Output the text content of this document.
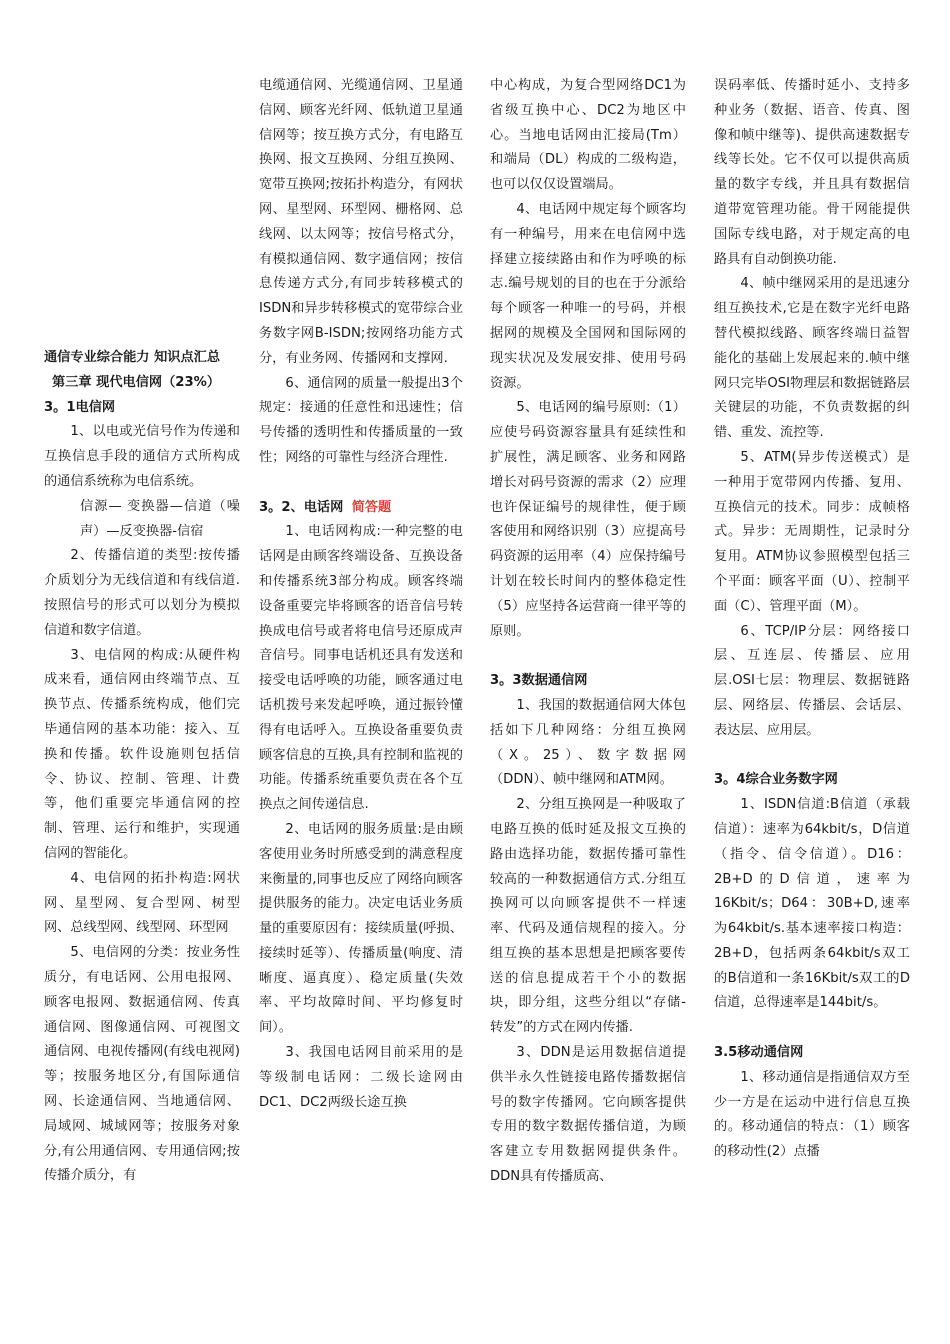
通信专业综合能力 知识点汇总

第三章 现代电信网（23%）

3。1电信网

1、以电或光信号作为传递和互换信息手段的通信方式所构成的通信系统称为电信系统。

信源— 变换器—信道（噪声）—反变换器-信宿

2、传播信道的类型:按传播介质划分为无线信道和有线信道.按照信号的形式可以划分为模拟信道和数字信道。

3、电信网的构成:从硬件构成来看，通信网由终端节点、互换节点、传播系统构成，他们完毕通信网的基本功能：接入、互换和传播。软件设施则包括信令、协议、控制、管理、计费等，他们重要完毕通信网的控制、管理、运行和维护，实现通信网的智能化。

4、电信网的拓扑构造:网状网、星型网、复合型网、树型网、总线型网、线型网、环型网

5、电信网的分类：按业务性质分，有电话网、公用电报网、顾客电报网、数据通信网、传真通信网、图像通信网、可视图文通信网、电视传播网(有线电视网)等；按服务地区分,有国际通信网、长途通信网、当地通信网、局域网、城域网等；按服务对象分,有公用通信网、专用通信网;按传播介质分，有

电缆通信网、光缆通信网、卫星通信网、顾客光纤网、低轨道卫星通信网等；按互换方式分，有电路互换网、报文互换网、分组互换网、宽带互换网;按拓扑构造分，有网状网、星型网、环型网、栅格网、总线网、以太网等；按信号格式分，有模拟通信网、数字通信网；按信息传递方式分,有同步转移模式的ISDN和异步转移模式的宽带综合业务数字网B-ISDN;按网络功能方式分，有业务网、传播网和支撑网.

6、通信网的质量一般提出3个规定：接通的任意性和迅速性；信号传播的透明性和传播质量的一致性；网络的可靠性与经济合理性.

3。2、电话网 简答题

1、电话网构成:一种完整的电话网是由顾客终端设备、互换设备和传播系统3部分构成。顾客终端设备重要完毕将顾客的语音信号转换成电信号或者将电信号还原成声音信号。同事电话机还具有发送和接受电话呼唤的功能，顾客通过电话机拨号来发起呼唤，通过振铃懂得有电话呼入。互换设备重要负责顾客信息的互换,具有控制和监视的功能。传播系统重要负责在各个互换点之间传递信息.

2、电话网的服务质量:是由顾客使用业务时所感受到的满意程度来衡量的,同事也反应了网络向顾客提供服务的能力。决定电话业务质量的重要原因有：接续质量(呼损、接续时延等）、传播质量(响度、清晰度、逼真度）、稳定质量(失效率、平均故障时间、平均修复时间）。

3、我国电话网目前采用的是等级制电话网：二级长途网由DC1、DC2两级长途互换

中心构成，为复合型网络DC1为省级互换中心、DC2为地区中心。当地电话网由汇接局(Tm）和端局（DL）构成的二级构造，也可以仅仅设置端局。

4、电话网中规定每个顾客均有一种编号，用来在电信网中选择建立接续路由和作为呼唤的标志.编号规划的目的也在于分派给每个顾客一种唯一的号码，并根据网的规模及全国网和国际网的现实状况及发展安排、使用号码资源。

5、电话网的编号原则:（1）应使号码资源容量具有延续性和扩展性，满足顾客、业务和网路增长对码号资源的需求（2）应理也许保证编号的规律性，便于顾客使用和网络识别（3）应提高号码资源的运用率（4）应保持编号计划在较长时间内的整体稳定性（5）应坚持各运营商一律平等的原则。

3。3数据通信网

1、我国的数据通信网大体包括如下几种网络：分组互换网（X。25）、数字数据网（DDN）、帧中继网和ATM网。

2、分组互换网是一种吸取了电路互换的低时延及报文互换的路由选择功能，数据传播可靠性较高的一种数据通信方式.分组互换网可以向顾客提供不一样速率、代码及通信规程的接入。分组互换的基本思想是把顾客要传送的信息提成若干个小的数据块，即分组，这些分组以“存储-转发”的方式在网内传播.

3、DDN是运用数据信道提供半永久性链接电路传播数据信号的数字传播网。它向顾客提供专用的数字数据传播信道，为顾客建立专用数据网提供条件。DDN具有传播质高、

误码率低、传播时延小、支持多种业务（数据、语音、传真、图像和帧中继等)、提供高速数据专线等长处。它不仅可以提供高质量的数字专线，并且具有数据信道带宽管理功能。骨干网能提供国际专线电路，对于规定高的电路具有自动倒换功能.

4、帧中继网采用的是迅速分组互换技术,它是在数字光纤电路替代模拟线路、顾客终端日益智能化的基础上发展起来的.帧中继网只完毕OSI物理层和数据链路层关键层的功能，不负责数据的纠错、重发、流控等.

5、ATM(异步传送模式）是一种用于宽带网内传播、复用、互换信元的技术。同步：成帧格式。异步：无周期性，记录时分复用。ATM协议参照模型包括三个平面：顾客平面（U）、控制平面（C）、管理平面（M）。

6、TCP/IP分层：网络接口层、互连层、传播层、应用层.OSI七层：物理层、数据链路层、网络层、传播层、会话层、表达层、应用层。

3。4综合业务数字网

1、ISDN信道:B信道（承载信道）：速率为64kbit/s，D信道（指令、信令信道）。D16：2B+D的D信道，速率为16Kbit/s；D64：30B+D,速率为64kbit/s.基本速率接口构造：2B+D，包括两条64kbit/s双工的B信道和一条16Kbit/s双工的D信道，总得速率是144bit/s。

3.5移动通信网

1、移动通信是指通信双方至少一方是在运动中进行信息互换的。移动通信的特点：（1）顾客的移动性(2）点播
